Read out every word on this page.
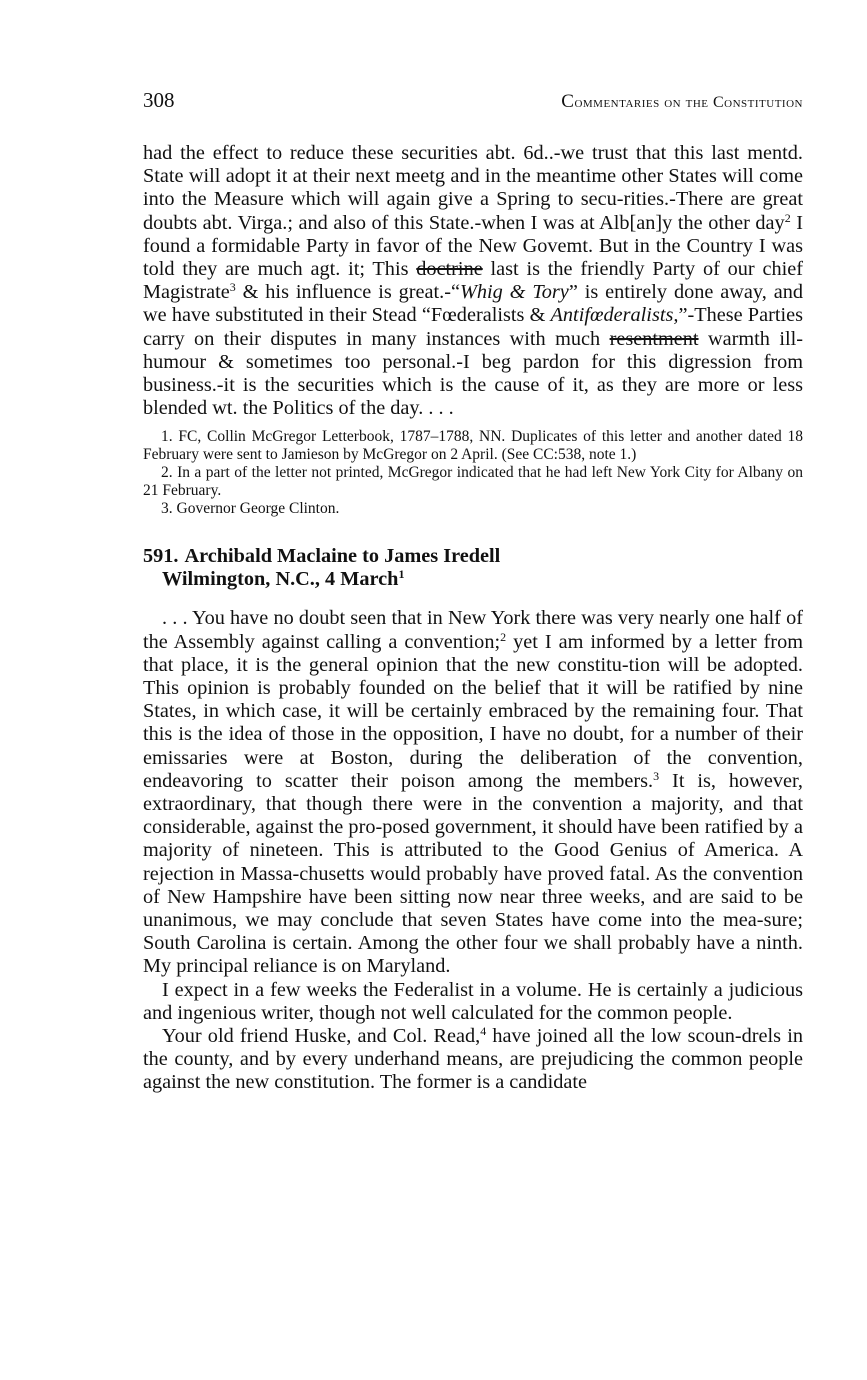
308	Commentaries on the Constitution

had the effect to reduce these securities abt. 6d..-we trust that this last mentd. State will adopt it at their next meetg and in the meantime other States will come into the Measure which will again give a Spring to secu-rities.-There are great doubts abt. Virga.; and also of this State.-when I was at Alb[an]y the other day$^2$ I found a formidable Party in favor of the New Govemt. But in the Country I was told they are much agt. it; This doctrine last is the friendly Party of our chief Magistrate$^3$ & his influence is great.-“Whig & Tory” is entirely done away, and we have substituted in their Stead “Fœderalists & Antifœderalists,”-These Parties carry on their disputes in many instances with much resentment warmth ill-humour & sometimes too personal.-I beg pardon for this digression from business.-it is the securities which is the cause of it, as they are more or less blended wt. the Politics of the day. . . .

1. FC, Collin McGregor Letterbook, 1787–1788, NN. Duplicates of this letter and another dated 18 February were sent to Jamieson by McGregor on 2 April. (See CC:538, note 1.)

2. In a part of the letter not printed, McGregor indicated that he had left New York City for Albany on 21 February.

3. Governor George Clinton.

591. Archibald Maclaine to James Iredell
Wilmington, N.C., 4 March$^1$

. . . You have no doubt seen that in New York there was very nearly one half of the Assembly against calling a convention;$^2$ yet I am informed by a letter from that place, it is the general opinion that the new constitu-tion will be adopted. This opinion is probably founded on the belief that it will be ratified by nine States, in which case, it will be certainly embraced by the remaining four. That this is the idea of those in the opposition, I have no doubt, for a number of their emissaries were at Boston, during the deliberation of the convention, endeavoring to scatter their poison among the members.$^3$ It is, however, extraordinary, that though there were in the convention a majority, and that considerable, against the pro-posed government, it should have been ratified by a majority of nineteen. This is attributed to the Good Genius of America. A rejection in Massa-chusetts would probably have proved fatal. As the convention of New Hampshire have been sitting now near three weeks, and are said to be unanimous, we may conclude that seven States have come into the mea-sure; South Carolina is certain. Among the other four we shall probably have a ninth. My principal reliance is on Maryland.

I expect in a few weeks the Federalist in a volume. He is certainly a judicious and ingenious writer, though not well calculated for the common people.

Your old friend Huske, and Col. Read,$^4$ have joined all the low scoun-drels in the county, and by every underhand means, are prejudicing the common people against the new constitution. The former is a candidate
